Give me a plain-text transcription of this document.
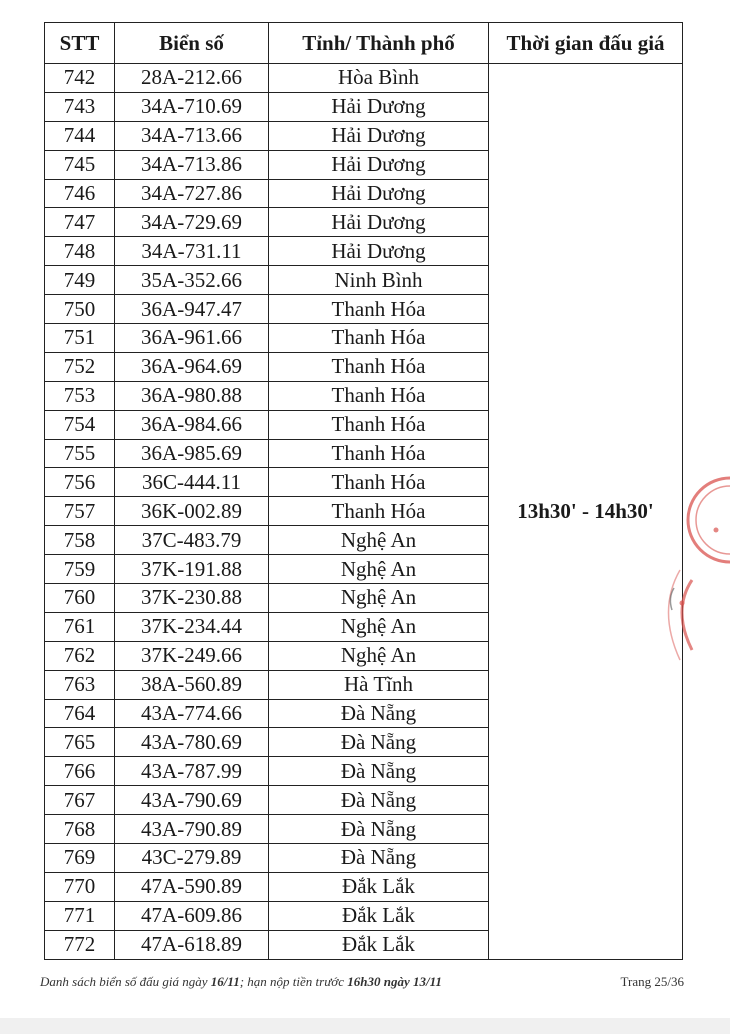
STT	Biển số	Tỉnh/ Thành phố	Thời gian đấu giá
742	28A-212.66	Hòa Bình	13h30' - 14h30'
743	34A-710.69	Hải Dương	
744	34A-713.66	Hải Dương	
745	34A-713.86	Hải Dương	
746	34A-727.86	Hải Dương	
747	34A-729.69	Hải Dương	
748	34A-731.11	Hải Dương	
749	35A-352.66	Ninh Bình	
750	36A-947.47	Thanh Hóa	
751	36A-961.66	Thanh Hóa	
752	36A-964.69	Thanh Hóa	
753	36A-980.88	Thanh Hóa	
754	36A-984.66	Thanh Hóa	
755	36A-985.69	Thanh Hóa	
756	36C-444.11	Thanh Hóa	
757	36K-002.89	Thanh Hóa	
758	37C-483.79	Nghệ An	
759	37K-191.88	Nghệ An	
760	37K-230.88	Nghệ An	
761	37K-234.44	Nghệ An	
762	37K-249.66	Nghệ An	
763	38A-560.89	Hà Tĩnh	
764	43A-774.66	Đà Nẵng	
765	43A-780.69	Đà Nẵng	
766	43A-787.99	Đà Nẵng	
767	43A-790.69	Đà Nẵng	
768	43A-790.89	Đà Nẵng	
769	43C-279.89	Đà Nẵng	
770	47A-590.89	Đắk Lắk	
771	47A-609.86	Đắk Lắk	
772	47A-618.89	Đắk Lắk	
Danh sách biển số đấu giá ngày 16/11; hạn nộp tiền trước 16h30 ngày 13/11	Trang 25/36
